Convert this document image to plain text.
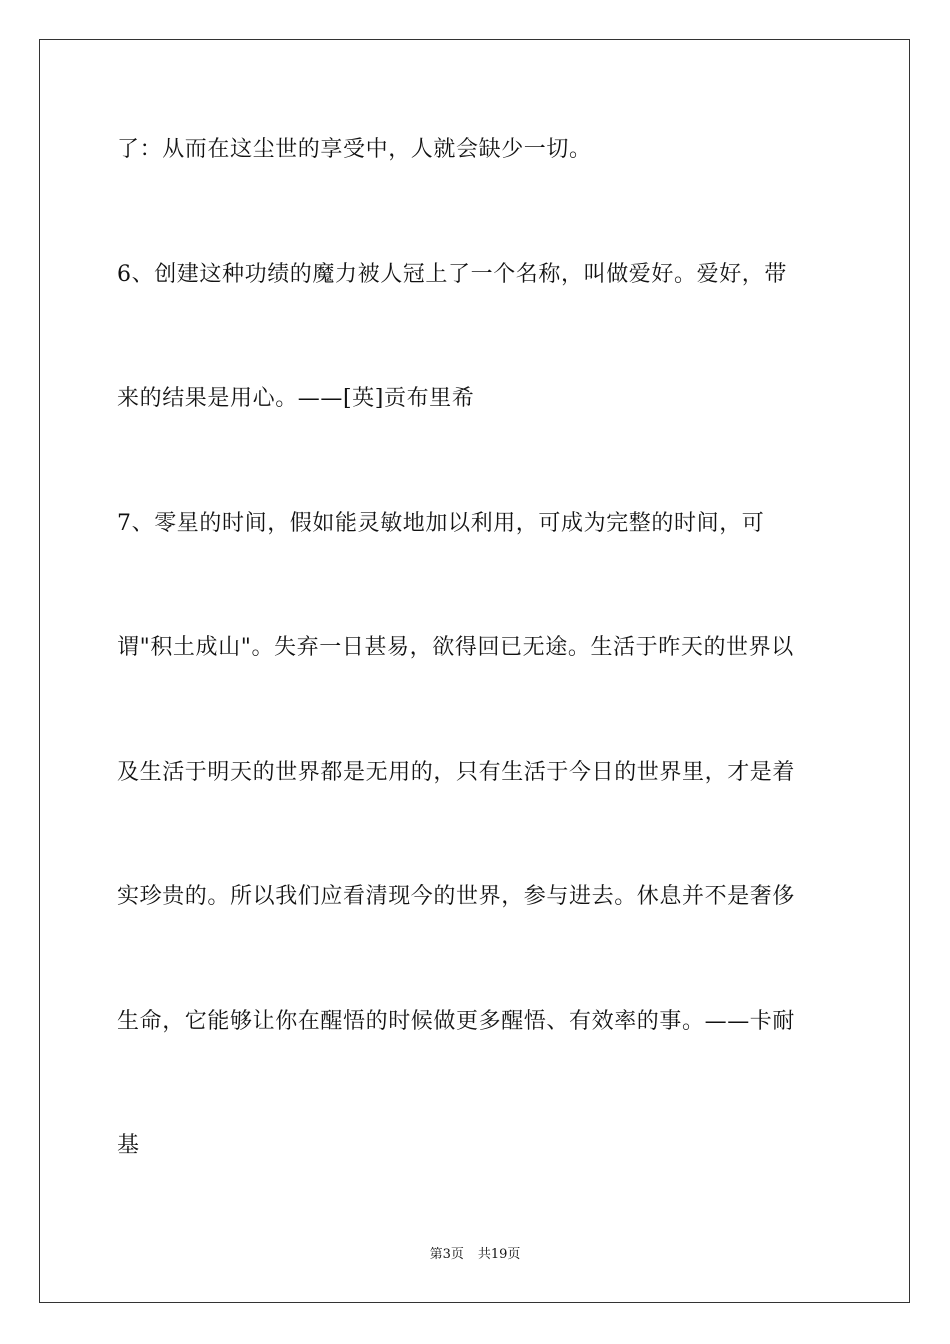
了：从而在这尘世的享受中，人就会缺少一切。
6、创建这种功绩的魔力被人冠上了一个名称，叫做爱好。爱好，带
来的结果是用心。——[英]贡布里希
7、零星的时间，假如能灵敏地加以利用，可成为完整的时间，可
谓"积土成山"。失弃一日甚易，欲得回已无途。生活于昨天的世界以
及生活于明天的世界都是无用的，只有生活于今日的世界里，才是着
实珍贵的。所以我们应看清现今的世界，参与进去。休息并不是奢侈
生命，它能够让你在醒悟的时候做更多醒悟、有效率的事。——卡耐
基
第3页 共19页
